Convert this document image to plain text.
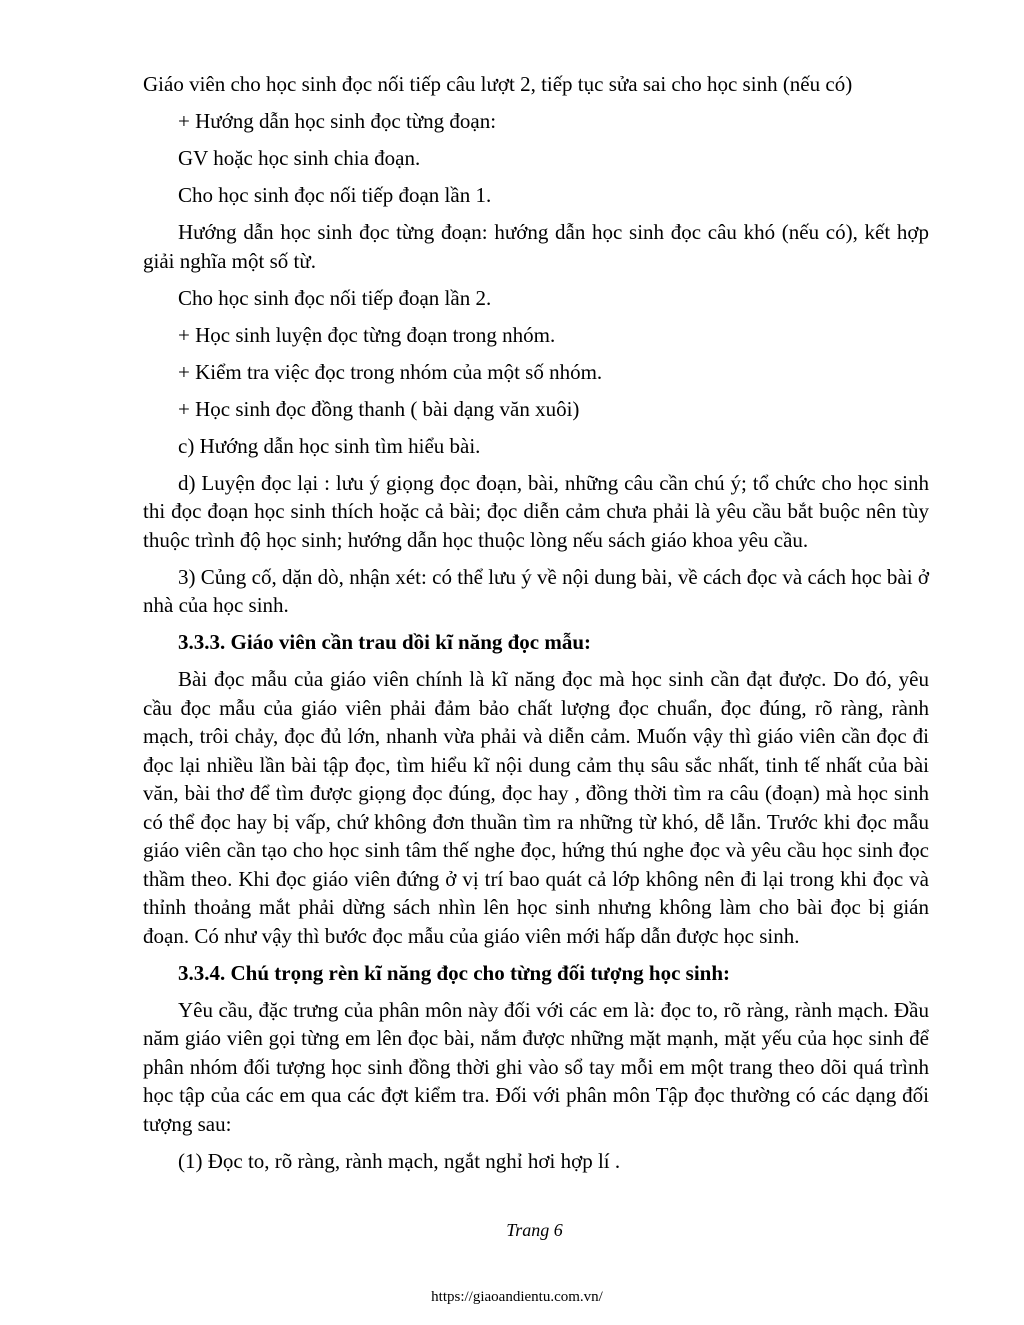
Giáo viên cho học sinh đọc nối tiếp câu lượt 2, tiếp tục sửa sai cho học sinh (nếu có)

+ Hướng dẫn học sinh đọc từng đoạn:

GV hoặc học sinh chia đoạn.

Cho học sinh đọc nối tiếp đoạn lần 1.

Hướng dẫn học sinh đọc từng đoạn: hướng dẫn học sinh đọc câu khó (nếu có), kết hợp giải nghĩa một số từ.

Cho học sinh đọc nối tiếp đoạn lần 2.

+ Học sinh luyện đọc từng đoạn trong nhóm.

+ Kiểm tra việc đọc trong nhóm của một số nhóm.

+ Học sinh đọc đồng thanh ( bài dạng văn xuôi)

c) Hướng dẫn học sinh tìm hiểu bài.

d) Luyện đọc lại : lưu ý giọng đọc đoạn, bài, những câu cần chú ý; tổ chức cho học sinh thi đọc đoạn học sinh thích hoặc cả bài; đọc diễn cảm chưa phải là yêu cầu bắt buộc nên tùy thuộc trình độ học sinh; hướng dẫn học thuộc lòng nếu sách giáo khoa yêu cầu.

3) Củng cố, dặn dò, nhận xét: có thể lưu ý về nội dung bài, về cách đọc và cách học bài ở nhà của học sinh.

3.3.3. Giáo viên cần trau dồi kĩ năng đọc mẫu:

Bài đọc mẫu của giáo viên chính là kĩ năng đọc mà học sinh cần đạt được. Do đó, yêu cầu đọc mẫu của giáo viên phải đảm bảo chất lượng đọc chuẩn, đọc đúng, rõ ràng, rành mạch, trôi chảy, đọc đủ lớn, nhanh vừa phải và diễn cảm. Muốn vậy thì giáo viên cần đọc đi đọc lại nhiều lần bài tập đọc, tìm hiểu kĩ nội dung cảm thụ sâu sắc nhất, tinh tế nhất của bài văn, bài thơ để tìm được giọng đọc đúng, đọc hay , đồng thời tìm ra câu (đoạn) mà học sinh có thể đọc hay bị vấp, chứ không đơn thuần tìm ra những từ khó, dễ lẫn. Trước khi đọc mẫu giáo viên cần tạo cho học sinh tâm thế nghe đọc, hứng thú nghe đọc và yêu cầu học sinh đọc thầm theo. Khi đọc giáo viên đứng ở vị trí bao quát cả lớp không nên đi lại trong khi đọc và thỉnh thoảng mắt phải dừng sách nhìn lên học sinh nhưng không làm cho bài đọc bị gián đoạn. Có như vậy thì bước đọc mẫu của giáo viên mới hấp dẫn được học sinh.

3.3.4. Chú trọng rèn kĩ năng đọc cho từng đối tượng học sinh:

Yêu cầu, đặc trưng của phân môn này đối với các em là: đọc to, rõ ràng, rành mạch. Đầu năm giáo viên gọi từng em lên đọc bài, nắm được những mặt mạnh, mặt yếu của học sinh để phân nhóm đối tượng học sinh đồng thời ghi vào sổ tay mỗi em một trang theo dõi quá trình học tập của các em qua các đợt kiểm tra. Đối với phân môn Tập đọc thường có các dạng đối tượng sau:

(1) Đọc to, rõ ràng, rành mạch, ngắt nghỉ hơi hợp lí .

Trang 6
https://giaoandientu.com.vn/
